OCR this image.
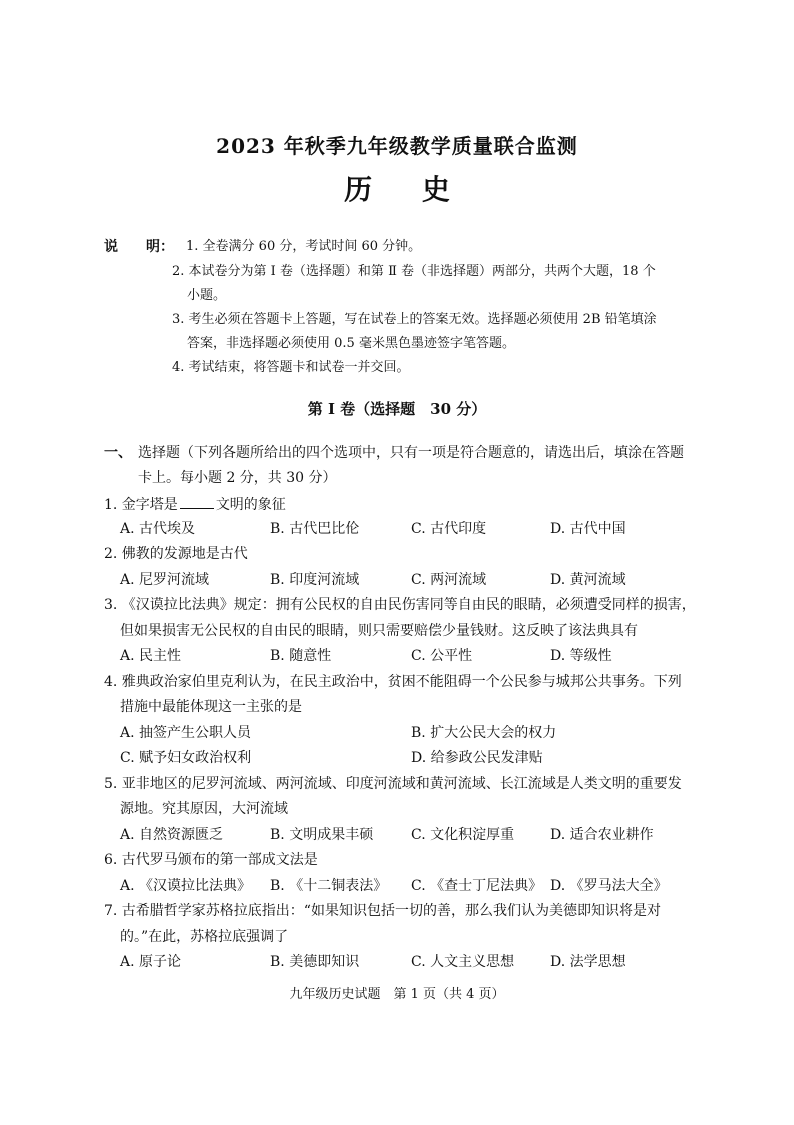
2023 年秋季九年级教学质量联合监测
历 史
说　　明： 1. 全卷满分 60 分，考试时间 60 分钟。
2. 本试卷分为第 Ⅰ 卷（选择题）和第 Ⅱ 卷（非选择题）两部分，共两个大题，18 个
小题。
3. 考生必须在答题卡上答题，写在试卷上的答案无效。选择题必须使用 2B 铅笔填涂
答案，非选择题必须使用 0.5 毫米黑色墨迹签字笔答题。
4. 考试结束，将答题卡和试卷一并交回。
第 Ⅰ 卷（选择题　30 分）
一、 选择题（下列各题所给出的四个选项中，只有一项是符合题意的，请选出后，填涂在答题
卡上。每小题 2 分，共 30 分）
1. 金字塔是	文明的象征
A. 古代埃及	B. 古代巴比伦	C. 古代印度	D. 古代中国
2. 佛教的发源地是古代
A. 尼罗河流域	B. 印度河流域	C. 两河流域	D. 黄河流域
3. 《汉谟拉比法典》规定：拥有公民权的自由民伤害同等自由民的眼睛，必须遭受同样的损害，
但如果损害无公民权的自由民的眼睛，则只需要赔偿少量钱财。这反映了该法典具有
A. 民主性	B. 随意性	C. 公平性	D. 等级性
4. 雅典政治家伯里克利认为，在民主政治中，贫困不能阻碍一个公民参与城邦公共事务。下列
措施中最能体现这一主张的是
A. 抽签产生公职人员	B. 扩大公民大会的权力
C. 赋予妇女政治权利	D. 给参政公民发津贴
5. 亚非地区的尼罗河流域、两河流域、印度河流域和黄河流域、长江流域是人类文明的重要发
源地。究其原因，大河流域
A. 自然资源匮乏	B. 文明成果丰硕	C. 文化积淀厚重	D. 适合农业耕作
6. 古代罗马颁布的第一部成文法是
A. 《汉谟拉比法典》 B. 《十二铜表法》 C. 《查士丁尼法典》 D. 《罗马法大全》
7. 古希腊哲学家苏格拉底指出：“如果知识包括一切的善，那么我们认为美德即知识将是对
的。”在此，苏格拉底强调了
A. 原子论	B. 美德即知识	C. 人文主义思想	D. 法学思想
九年级历史试题　第 1 页（共 4 页）
